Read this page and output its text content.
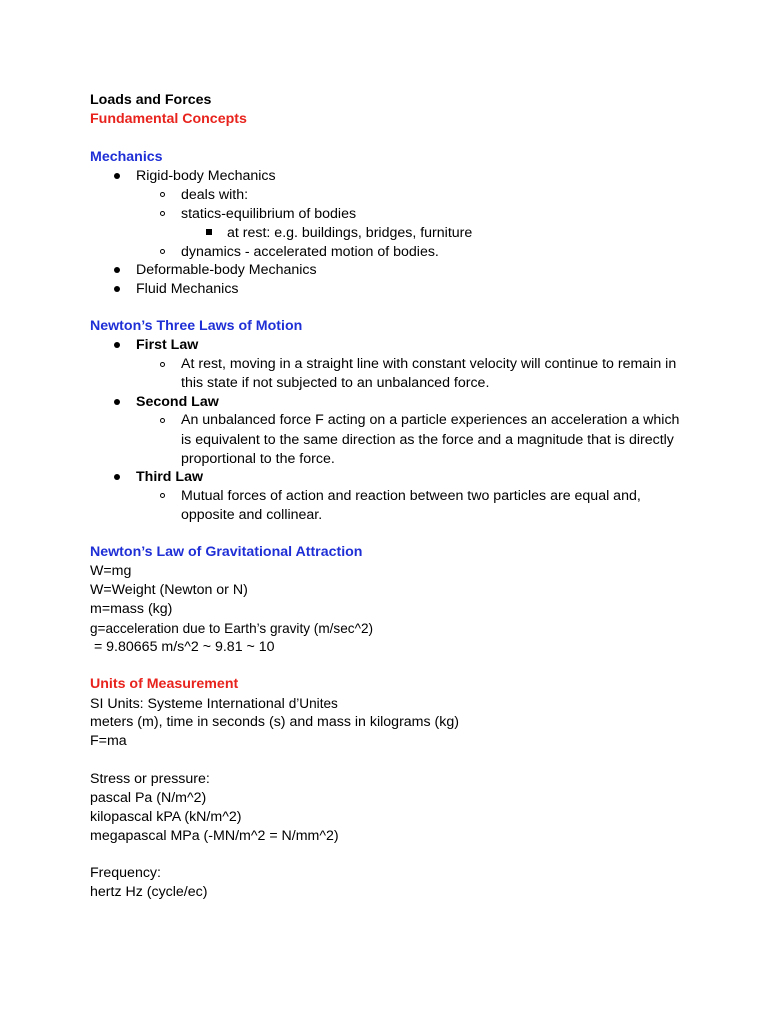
Loads and Forces
Fundamental Concepts
Mechanics
Rigid-body Mechanics
deals with:
statics-equilibrium of bodies
at rest: e.g. buildings, bridges, furniture
dynamics - accelerated motion of bodies.
Deformable-body Mechanics
Fluid Mechanics
Newton’s Three Laws of Motion
First Law
At rest, moving in a straight line with constant velocity will continue to remain in
this state if not subjected to an unbalanced force.
Second Law
An unbalanced force F acting on a particle experiences an acceleration a which
is equivalent to the same direction as the force and a magnitude that is directly
proportional to the force.
Third Law
Mutual forces of action and reaction between two particles are equal and,
opposite and collinear.
Newton’s Law of Gravitational Attraction
W=mg
W=Weight (Newton or N)
m=mass (kg)
g=acceleration due to Earth’s gravity (m/sec^2)
= 9.80665 m/s^2 ~ 9.81 ~ 10
Units of Measurement
SI Units: Systeme International d’Unites
meters (m), time in seconds (s) and mass in kilograms (kg)
F=ma
Stress or pressure:
pascal Pa (N/m^2)
kilopascal kPA (kN/m^2)
megapascal MPa (-MN/m^2 = N/mm^2)
Frequency:
hertz Hz (cycle/ec)
